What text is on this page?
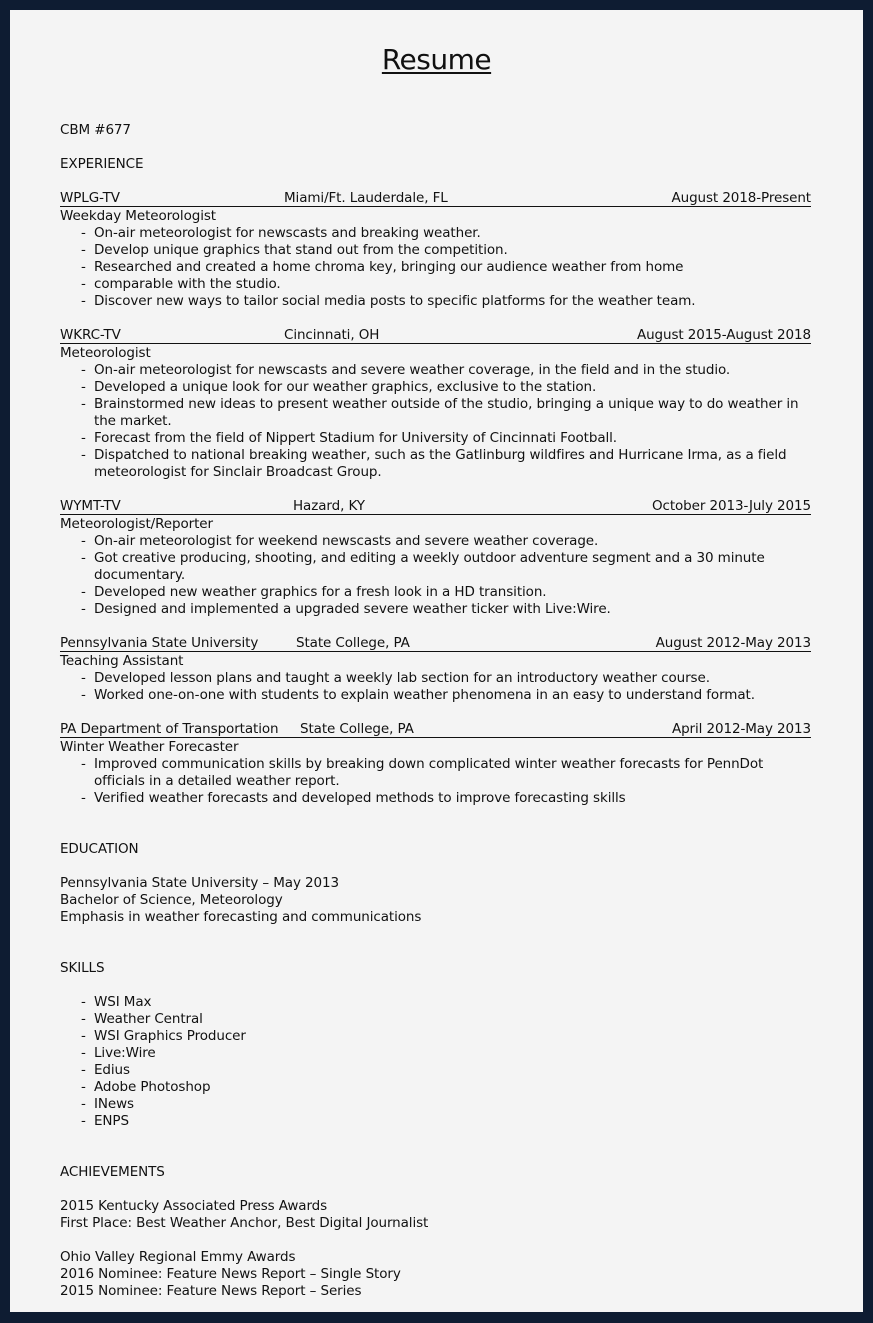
Resume

CBM #677

EXPERIENCE

WPLG-TV	Miami/Ft. Lauderdale, FL	August 2018-Present

Weekday Meteorologist

- On-air meteorologist for newscasts and breaking weather.
- Develop unique graphics that stand out from the competition.
- Researched and created a home chroma key, bringing our audience weather from home
- comparable with the studio.
- Discover new ways to tailor social media posts to specific platforms for the weather team.
WKRC-TV	Cincinnati, OH	August 2015-August 2018

Meteorologist

- On-air meteorologist for newscasts and severe weather coverage, in the field and in the studio.
- Developed a unique look for our weather graphics, exclusive to the station.
- Brainstormed new ideas to present weather outside of the studio, bringing a unique way to do weather in the market.
- Forecast from the field of Nippert Stadium for University of Cincinnati Football.
- Dispatched to national breaking weather, such as the Gatlinburg wildfires and Hurricane Irma, as a field meteorologist for Sinclair Broadcast Group.
WYMT-TV	Hazard, KY	October 2013-July 2015

Meteorologist/Reporter

- On-air meteorologist for weekend newscasts and severe weather coverage.
- Got creative producing, shooting, and editing a weekly outdoor adventure segment and a 30 minute documentary.
- Developed new weather graphics for a fresh look in a HD transition.
- Designed and implemented a upgraded severe weather ticker with Live:Wire.
Pennsylvania State University	State College, PA	August 2012-May 2013

Teaching Assistant

- Developed lesson plans and taught a weekly lab section for an introductory weather course.
- Worked one-on-one with students to explain weather phenomena in an easy to understand format.
PA Department of Transportation	State College, PA	April 2012-May 2013

Winter Weather Forecaster

- Improved communication skills by breaking down complicated winter weather forecasts for PennDot officials in a detailed weather report.
- Verified weather forecasts and developed methods to improve forecasting skills

EDUCATION

Pennsylvania State University – May 2013

Bachelor of Science, Meteorology

Emphasis in weather forecasting and communications

SKILLS

- WSI Max
- Weather Central
- WSI Graphics Producer
- Live:Wire
- Edius
- Adobe Photoshop
- INews
- ENPS

ACHIEVEMENTS

2015 Kentucky Associated Press Awards

First Place: Best Weather Anchor, Best Digital Journalist

Ohio Valley Regional Emmy Awards

2016 Nominee: Feature News Report – Single Story

2015 Nominee: Feature News Report – Series
